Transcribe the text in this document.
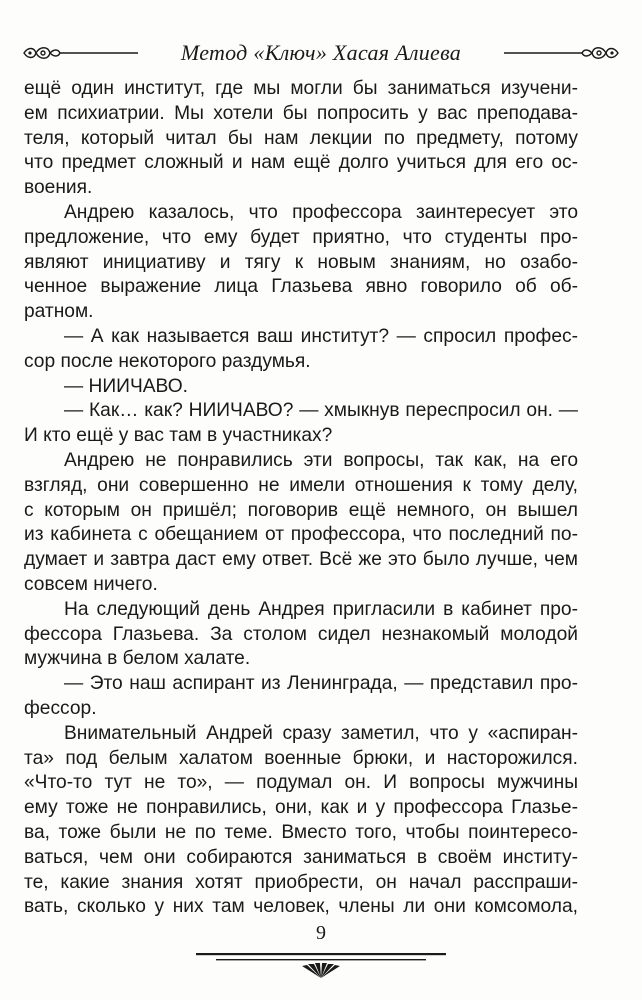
Метод «Ключ» Хасая Алиева
ещё один институт, где мы могли бы заниматься изучени-
ем психиатрии. Мы хотели бы попросить у вас преподава-
теля, который читал бы нам лекции по предмету, потому
что предмет сложный и нам ещё долго учиться для его ос-
воения.
Андрею казалось, что профессора заинтересует это
предложение, что ему будет приятно, что студенты про-
являют инициативу и тягу к новым знаниям, но озабо-
ченное выражение лица Глазьева явно говорило об об-
ратном.
— А как называется ваш институт? — спросил профес-
сор после некоторого раздумья.
— НИИЧАВО.
— Как… как? НИИЧАВО? — хмыкнув переспросил он. —
И кто ещё у вас там в участниках?
Андрею не понравились эти вопросы, так как, на его
взгляд, они совершенно не имели отношения к тому делу,
с которым он пришёл; поговорив ещё немного, он вышел
из кабинета с обещанием от профессора, что последний по-
думает и завтра даст ему ответ. Всё же это было лучше, чем
совсем ничего.
На следующий день Андрея пригласили в кабинет про-
фессора Глазьева. За столом сидел незнакомый молодой
мужчина в белом халате.
— Это наш аспирант из Ленинграда, — представил про-
фессор.
Внимательный Андрей сразу заметил, что у «аспиран-
та» под белым халатом военные брюки, и насторожился.
«Что-то тут не то», — подумал он. И вопросы мужчины
ему тоже не понравились, они, как и у профессора Глазье-
ва, тоже были не по теме. Вместо того, чтобы поинтересо-
ваться, чем они собираются заниматься в своём институ-
те, какие знания хотят приобрести, он начал расспраши-
вать, сколько у них там человек, члены ли они комсомола,
9
